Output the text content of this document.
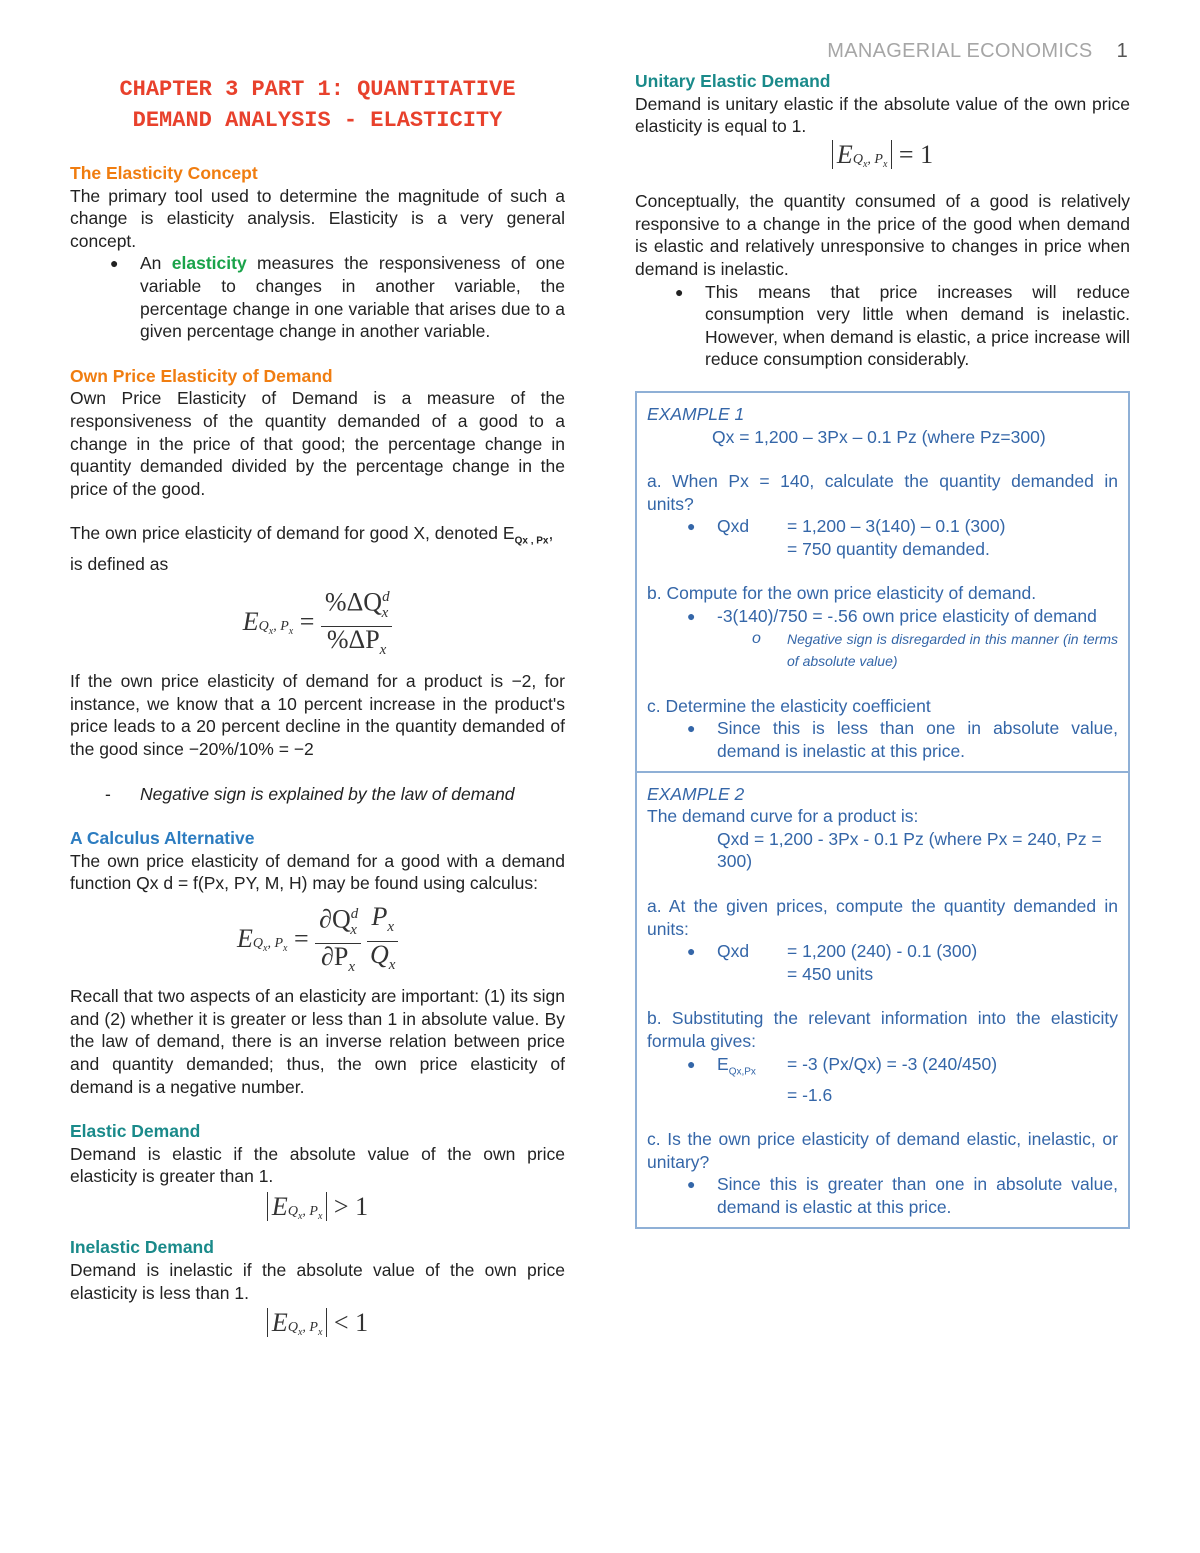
MANAGERIAL ECONOMICS 1
CHAPTER 3 PART 1: QUANTITATIVE
DEMAND ANALYSIS - ELASTICITY
The Elasticity Concept

The primary tool used to determine the magnitude of such a change is elasticity analysis. Elasticity is a very general concept.

● An elasticity measures the responsiveness of one variable to changes in another variable, the percentage change in one variable that arises due to a given percentage change in another variable.
Own Price Elasticity of Demand

Own Price Elasticity of Demand is a measure of the responsiveness of the quantity demanded of a good to a change in the price of that good; the percentage change in quantity demanded divided by the percentage change in the price of the good.

The own price elasticity of demand for good X, denoted $E_{Qx , Px}$, is defined as

$EQ_x$, $P_x = \frac{\%\Delta Q^d_x}{\%\Delta P_x}$

If the own price elasticity of demand for a product is −2, for instance, we know that a 10 percent increase in the product's price leads to a 20 percent decline in the quantity demanded of the good since −20%/10% = −2

- Negative sign is explained by the law of demand
A Calculus Alternative

The own price elasticity of demand for a good with a demand function Qx d = f(Px, PY, M, H) may be found using calculus:

$EQ_x$, $P_x = \frac{\partial Q^d_x}{\partial P_x}$
$\frac{P_x}{Q_x}$

Recall that two aspects of an elasticity are important: (1) its sign and (2) whether it is greater or less than 1 in absolute value. By the law of demand, there is an inverse relation between price and quantity demanded; thus, the own price elasticity of demand is a negative number.

Elastic Demand

Demand is elastic if the absolute value of the own price elasticity is greater than 1.

$EQ_x$, $P_x > 1$
Inelastic Demand

Demand is inelastic if the absolute value of the own price elasticity is less than 1.

$EQ_x$, $P_x < 1$
Unitary Elastic Demand

Demand is unitary elastic if the absolute value of the own price elasticity is equal to 1.

$EQ_x$, $P_x = 1$

Conceptually, the quantity consumed of a good is relatively responsive to a change in the price of the good when demand is elastic and relatively unresponsive to changes in price when demand is inelastic.

● This means that price increases will reduce consumption very little when demand is inelastic. However, when demand is elastic, a price increase will reduce consumption considerably.
EXAMPLE 1
Qx = 1,200 – 3Px – 0.1 Pz (where Pz=300)

a. When Px = 140, calculate the quantity demanded in units?

● Qxd	= 1,200 – 3(140) – 0.1 (300)
= 750 quantity demanded.

b. Compute for the own price elasticity of demand.

● -3(140)/750 = -.56 own price elasticity of demand
o Negative sign is disregarded in this manner (in terms of absolute value)

c. Determine the elasticity coefficient

● Since this is less than one in absolute value, demand is inelastic at this price.
EXAMPLE 2
The demand curve for a product is:
Qxd = 1,200 - 3Px - 0.1 Pz (where Px = 240, Pz = 300)

a. At the given prices, compute the quantity demanded in units:

● Qxd	= 1,200 (240) - 0.1 (300)
= 450 units

b. Substituting the relevant information into the elasticity formula gives:

● $E_{Qx,Px}$	= -3 (Px/Qx) = -3 (240/450)
= -1.6

c. Is the own price elasticity of demand elastic, inelastic, or unitary?

● Since this is greater than one in absolute value, demand is elastic at this price.
